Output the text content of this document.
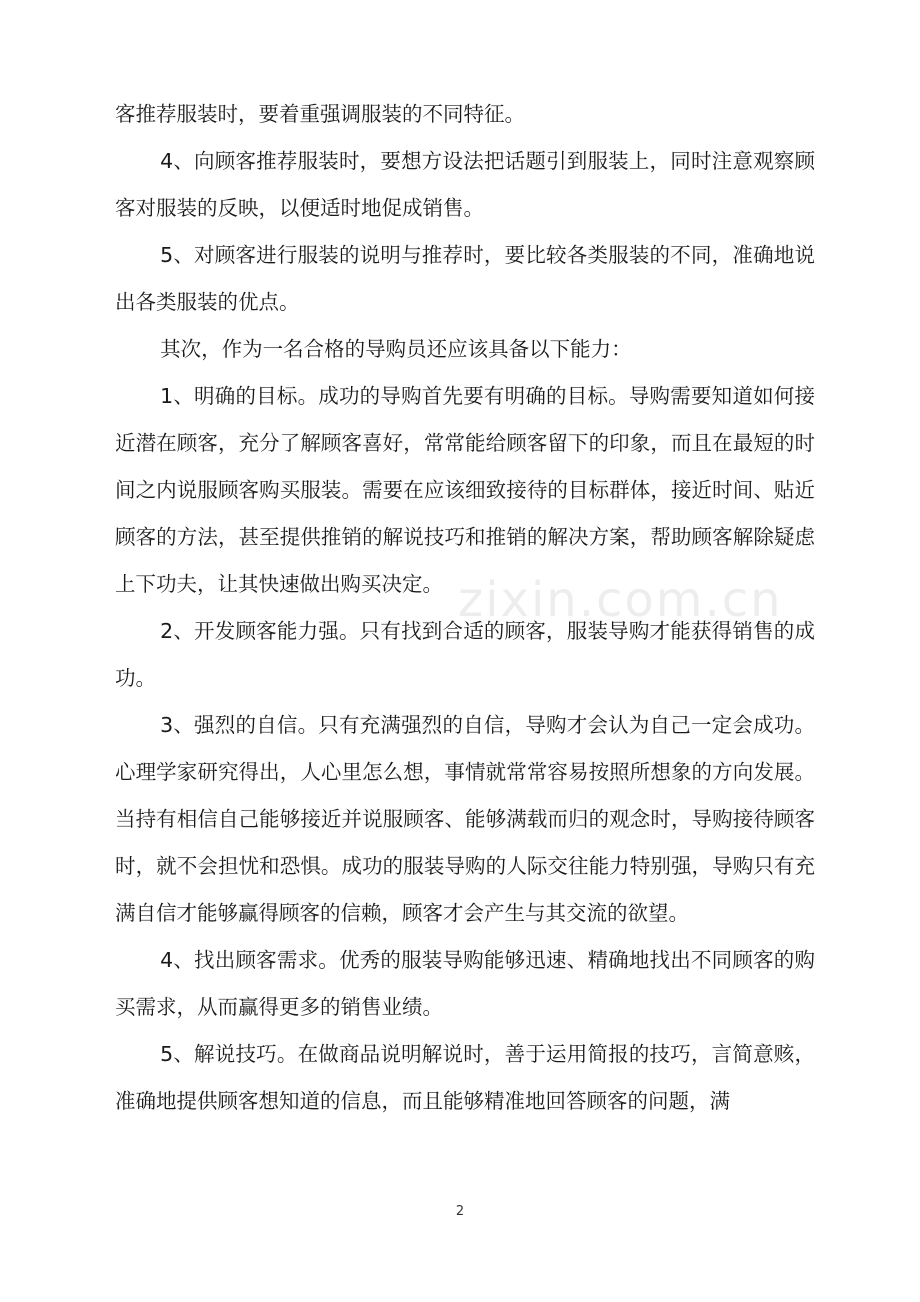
客推荐服装时，要着重强调服装的不同特征。

4、向顾客推荐服装时，要想方设法把话题引到服装上，同时注意观察顾客对服装的反映，以便适时地促成销售。

5、对顾客进行服装的说明与推荐时，要比较各类服装的不同，准确地说出各类服装的优点。

其次，作为一名合格的导购员还应该具备以下能力：

1、明确的目标。成功的导购首先要有明确的目标。导购需要知道如何接近潜在顾客，充分了解顾客喜好，常常能给顾客留下的印象，而且在最短的时间之内说服顾客购买服装。需要在应该细致接待的目标群体，接近时间、贴近顾客的方法，甚至提供推销的解说技巧和推销的解决方案，帮助顾客解除疑虑上下功夫，让其快速做出购买决定。

2、开发顾客能力强。只有找到合适的顾客，服装导购才能获得销售的成功。

3、强烈的自信。只有充满强烈的自信，导购才会认为自己一定会成功。心理学家研究得出，人心里怎么想，事情就常常容易按照所想象的方向发展。当持有相信自己能够接近并说服顾客、能够满载而归的观念时，导购接待顾客时，就不会担忧和恐惧。成功的服装导购的人际交往能力特别强，导购只有充满自信才能够赢得顾客的信赖，顾客才会产生与其交流的欲望。

4、找出顾客需求。优秀的服装导购能够迅速、精确地找出不同顾客的购买需求，从而赢得更多的销售业绩。

5、解说技巧。在做商品说明解说时，善于运用简报的技巧，言简意赅，准确地提供顾客想知道的信息，而且能够精准地回答顾客的问题，满

zixin.com.cn
2
